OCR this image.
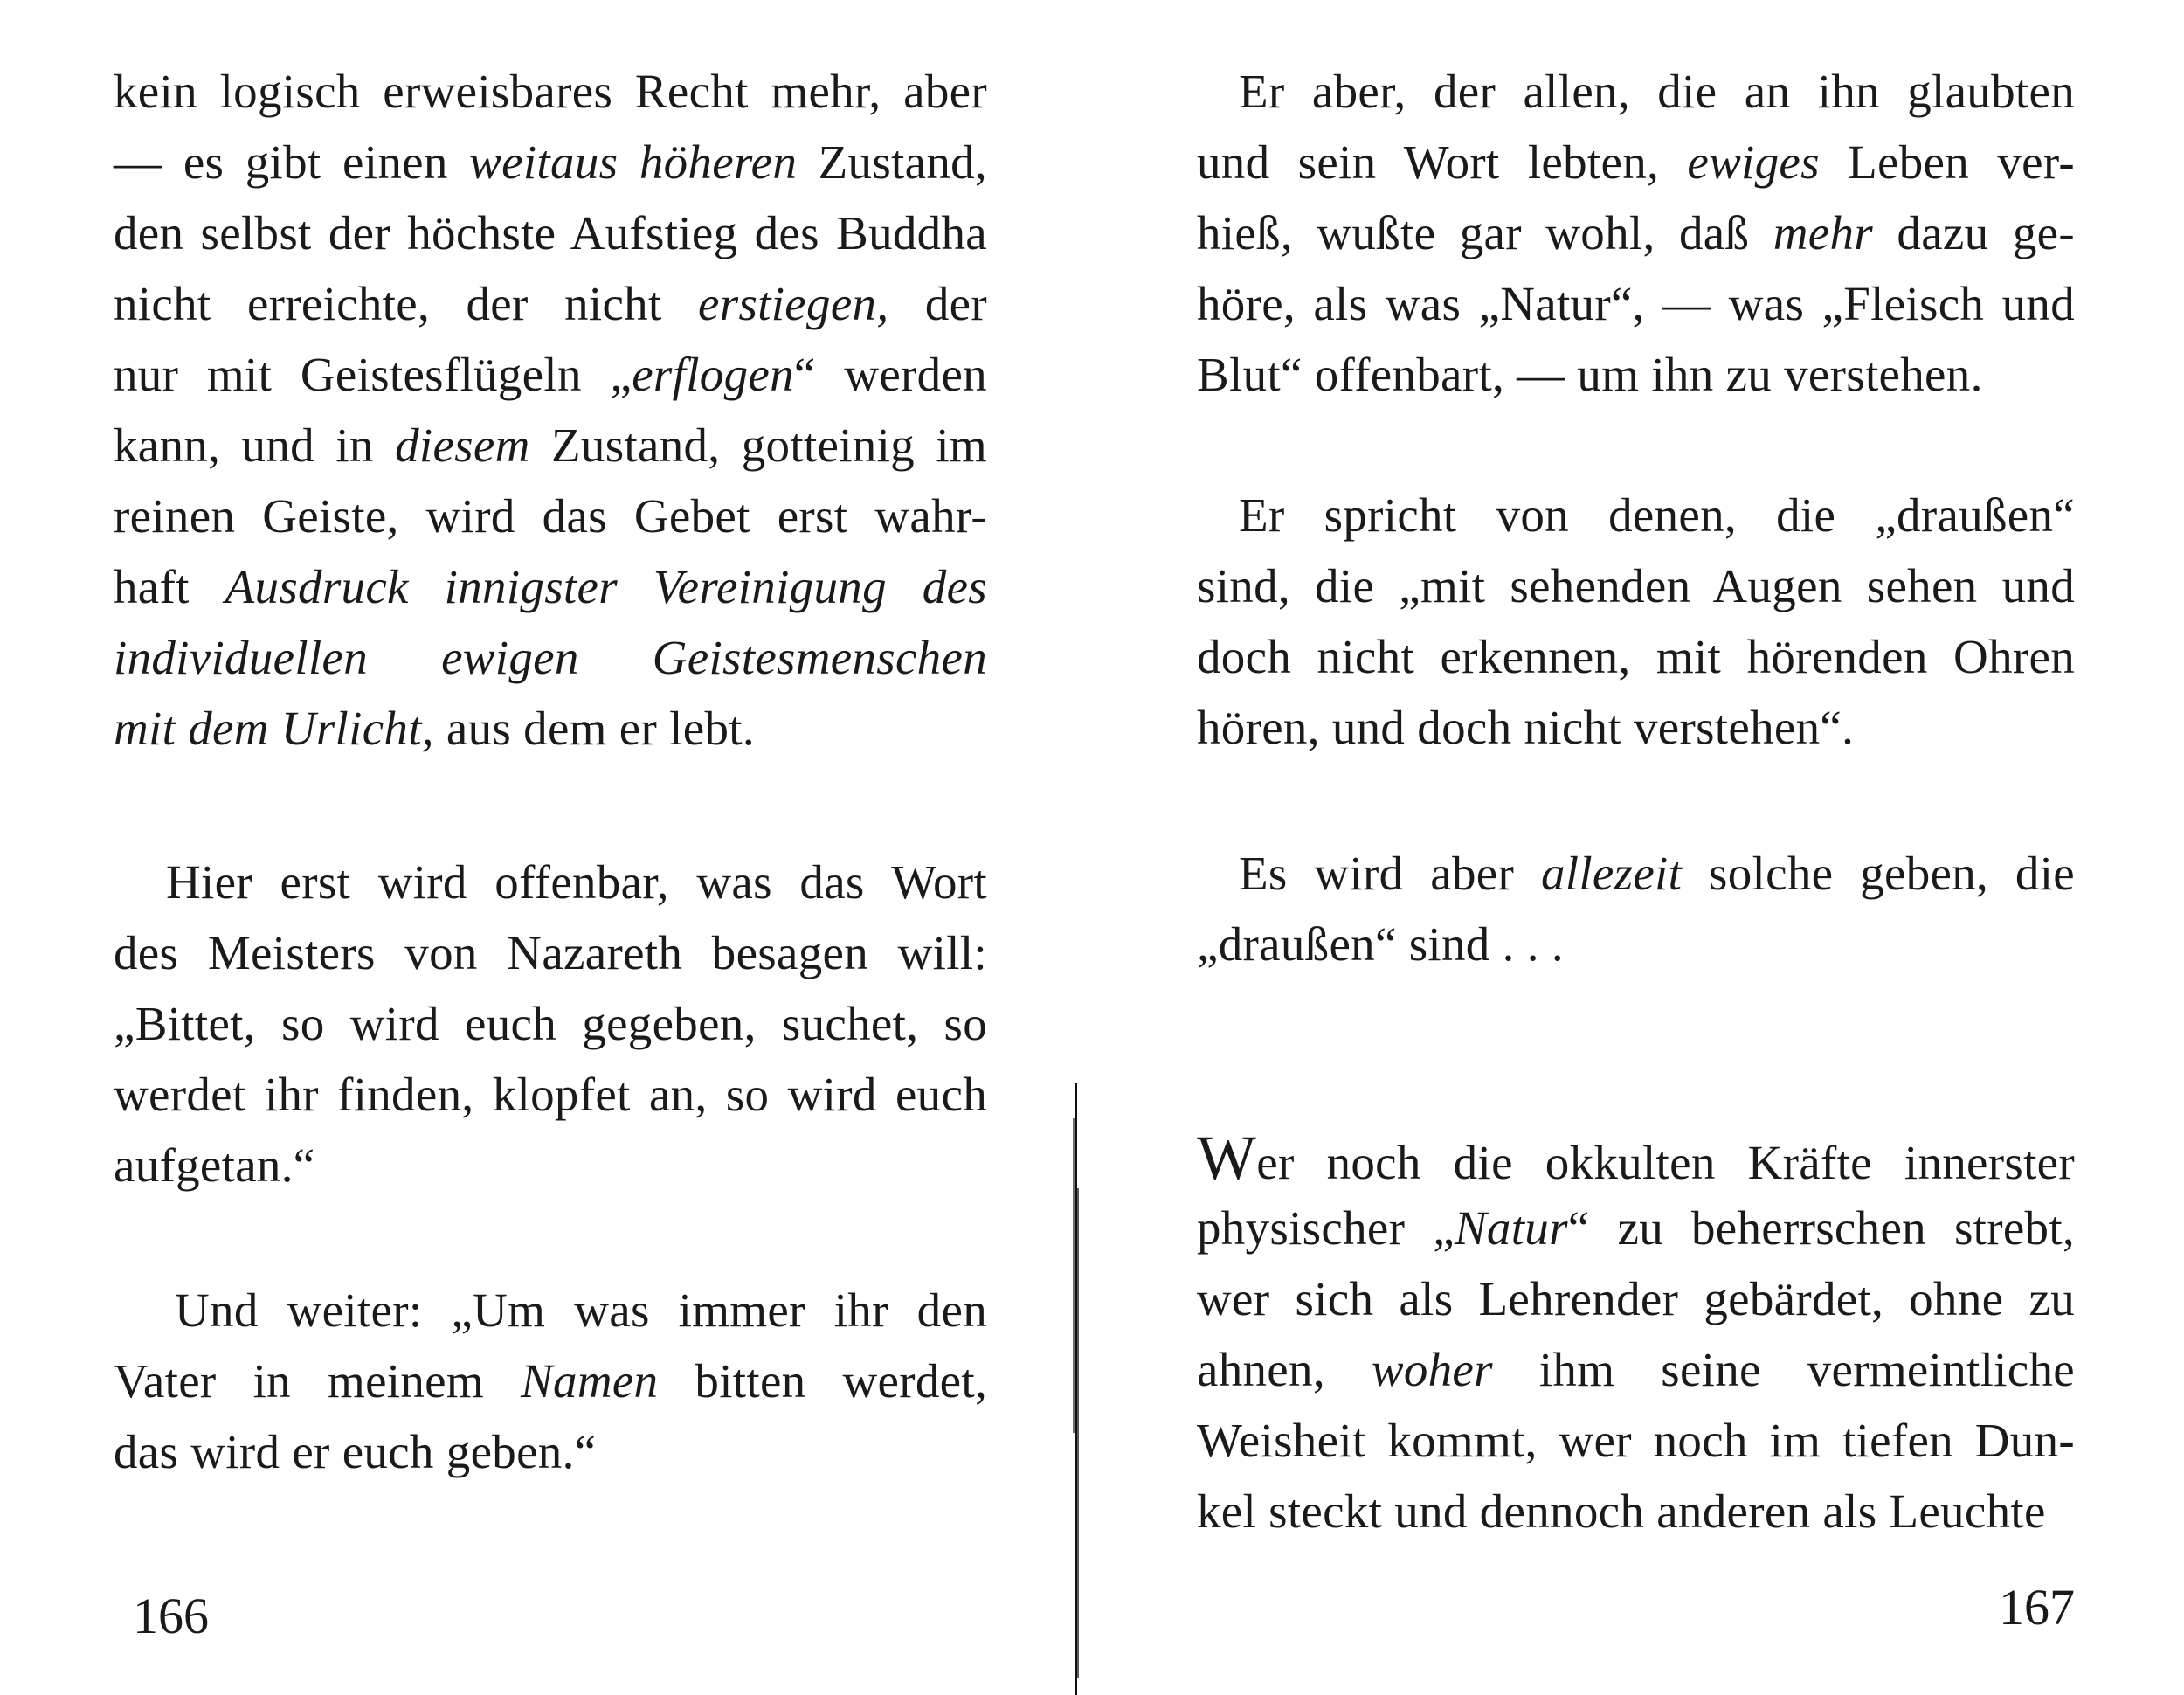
kein logisch erweisbares Recht mehr, aber
— es gibt einen weitaus höheren Zustand,
den selbst der höchste Aufstieg des Buddha
nicht erreichte, der nicht erstiegen, der
nur mit Geistesflügeln „erflogen“ werden
kann, und in diesem Zustand, gotteinig im
reinen Geiste, wird das Gebet erst wahr-
haft Ausdruck innigster Vereinigung des
individuellen ewigen Geistesmenschen
mit dem Urlicht, aus dem er lebt.
Hier erst wird offenbar, was das Wort
des Meisters von Nazareth besagen will:
„Bittet, so wird euch gegeben, suchet, so
werdet ihr finden, klopfet an, so wird euch
aufgetan.“
Und weiter: „Um was immer ihr den
Vater in meinem Namen bitten werdet,
das wird er euch geben.“
166
Er aber, der allen, die an ihn glaubten
und sein Wort lebten, ewiges Leben ver-
hieß, wußte gar wohl, daß mehr dazu ge-
höre, als was „Natur“, — was „Fleisch und
Blut“ offenbart, — um ihn zu verstehen.
Er spricht von denen, die „draußen“
sind, die „mit sehenden Augen sehen und
doch nicht erkennen, mit hörenden Ohren
hören, und doch nicht verstehen“.
Es wird aber allezeit solche geben, die
„draußen“ sind . . .
Wer noch die okkulten Kräfte innerster
physischer „Natur“ zu beherrschen strebt,
wer sich als Lehrender gebärdet, ohne zu
ahnen, woher ihm seine vermeintliche
Weisheit kommt, wer noch im tiefen Dun-
kel steckt und dennoch anderen als Leuchte
167
